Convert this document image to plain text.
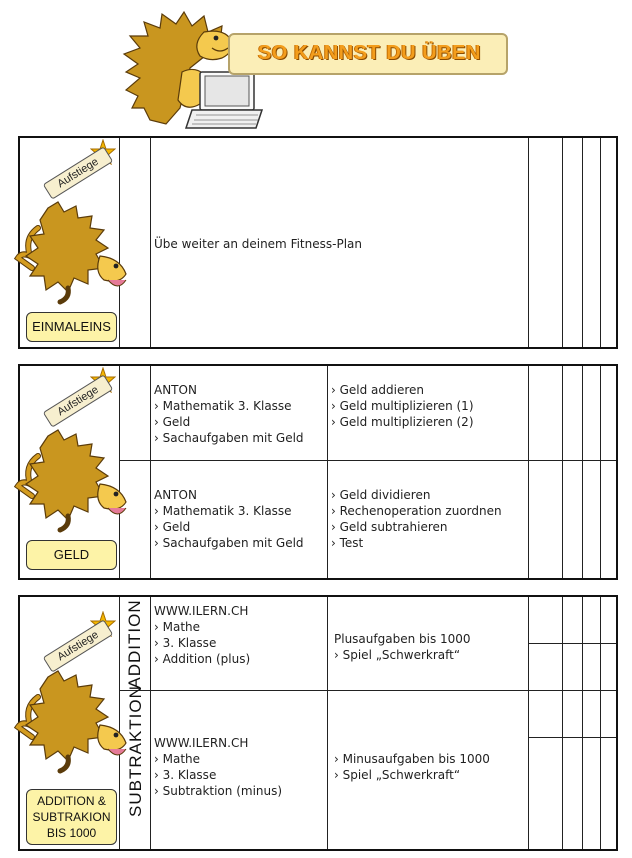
SO KANNST DU ÜBEN
Aufstiege
EINMALEINS
Übe weiter an deinem Fitness-Plan
Aufstiege
GELD
ANTON
› Mathematik 3. Klasse
› Geld
› Sachaufgaben mit Geld
› Geld addieren
› Geld multiplizieren (1)
› Geld multiplizieren (2)
ANTON
› Mathematik 3. Klasse
› Geld
› Sachaufgaben mit Geld
› Geld dividieren
› Rechenoperation zuordnen
› Geld subtrahieren
› Test
Aufstiege
ADDITION &
SUBTRAKION
BIS 1000
ADDITION
SUBTRAKTION
WWW.ILERN.CH
› Mathe
› 3. Klasse
› Addition (plus)
Plusaufgaben bis 1000
› Spiel „Schwerkraft“
WWW.ILERN.CH
› Mathe
› 3. Klasse
› Subtraktion (minus)
› Minusaufgaben bis 1000
› Spiel „Schwerkraft“
